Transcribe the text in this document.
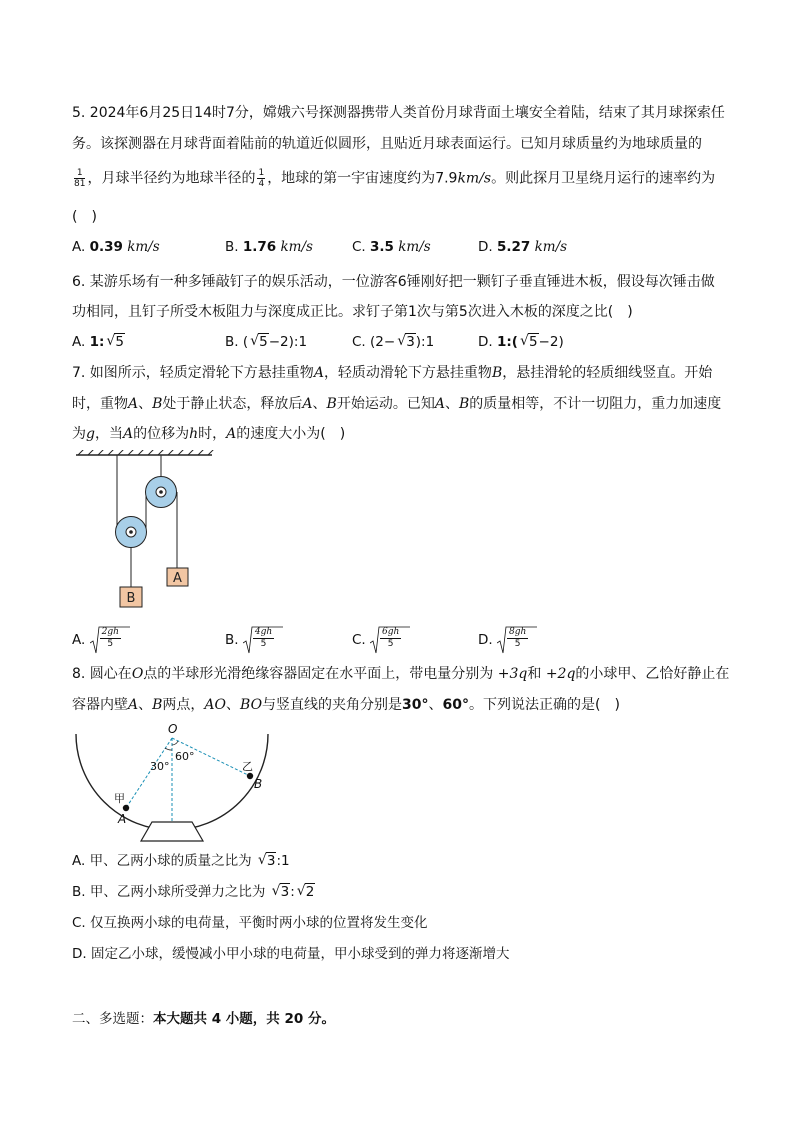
5. 2024年6月25日14时7分，嫦娥六号探测器携带人类首份月球背面土壤安全着陆，结束了其月球探索任
务。该探测器在月球背面着陆前的轨道近似圆形，且贴近月球表面运行。已知月球质量约为地球质量的
$\frac{1}{81}$ ，月球半径约为地球半径的 $\frac{1}{4}$ ，地球的第一宇宙速度约为7.9km/s。则此探月卫星绕月运行的速率约为
(　)
A. 0.39 km/s	B. 1.76 km/s	C. 3.5 km/s	D. 5.27 km/s
6. 某游乐场有一种多锤敲钉子的娱乐活动，一位游客6锤刚好把一颗钉子垂直锤进木板，假设每次锤击做
功相同，且钉子所受木板阻力与深度成正比。求钉子第1次与第5次进入木板的深度之比(　)
A. 1: √ 5	B. ( √ 5−2):1	C. (2− √ 3):1	D. 1:( √ 5−2)
7. 如图所示，轻质定滑轮下方悬挂重物A，轻质动滑轮下方悬挂重物B，悬挂滑轮的轻质细线竖直。开始
时，重物A、B处于静止状态，释放后A、B开始运动。已知A、B的质量相等，不计一切阻力，重力加速度
为g，当A的位移为h时，A的速度大小为(　)
A
B
A. $\frac{2gh}{5}$	B. $\frac{4gh}{5}$	C. $\frac{6gh}{5}$	D. $\frac{8gh}{5}$
8. 圆心在O点的半球形光滑绝缘容器固定在水平面上，带电量分别为 +3q和 +2q的小球甲、乙恰好静止在
容器内壁A、B两点，AO、BO与竖直线的夹角分别是30°、60°。下列说法正确的是(　)
O
30°
60°
甲
A
乙
B
A. 甲、乙两小球的质量之比为 √ 3:1
B. 甲、乙两小球所受弹力之比为 √ 3: √ 2
C. 仅互换两小球的电荷量，平衡时两小球的位置将发生变化
D. 固定乙小球，缓慢减小甲小球的电荷量，甲小球受到的弹力将逐渐增大
二、多选题：本大题共 4 小题，共 20 分。
